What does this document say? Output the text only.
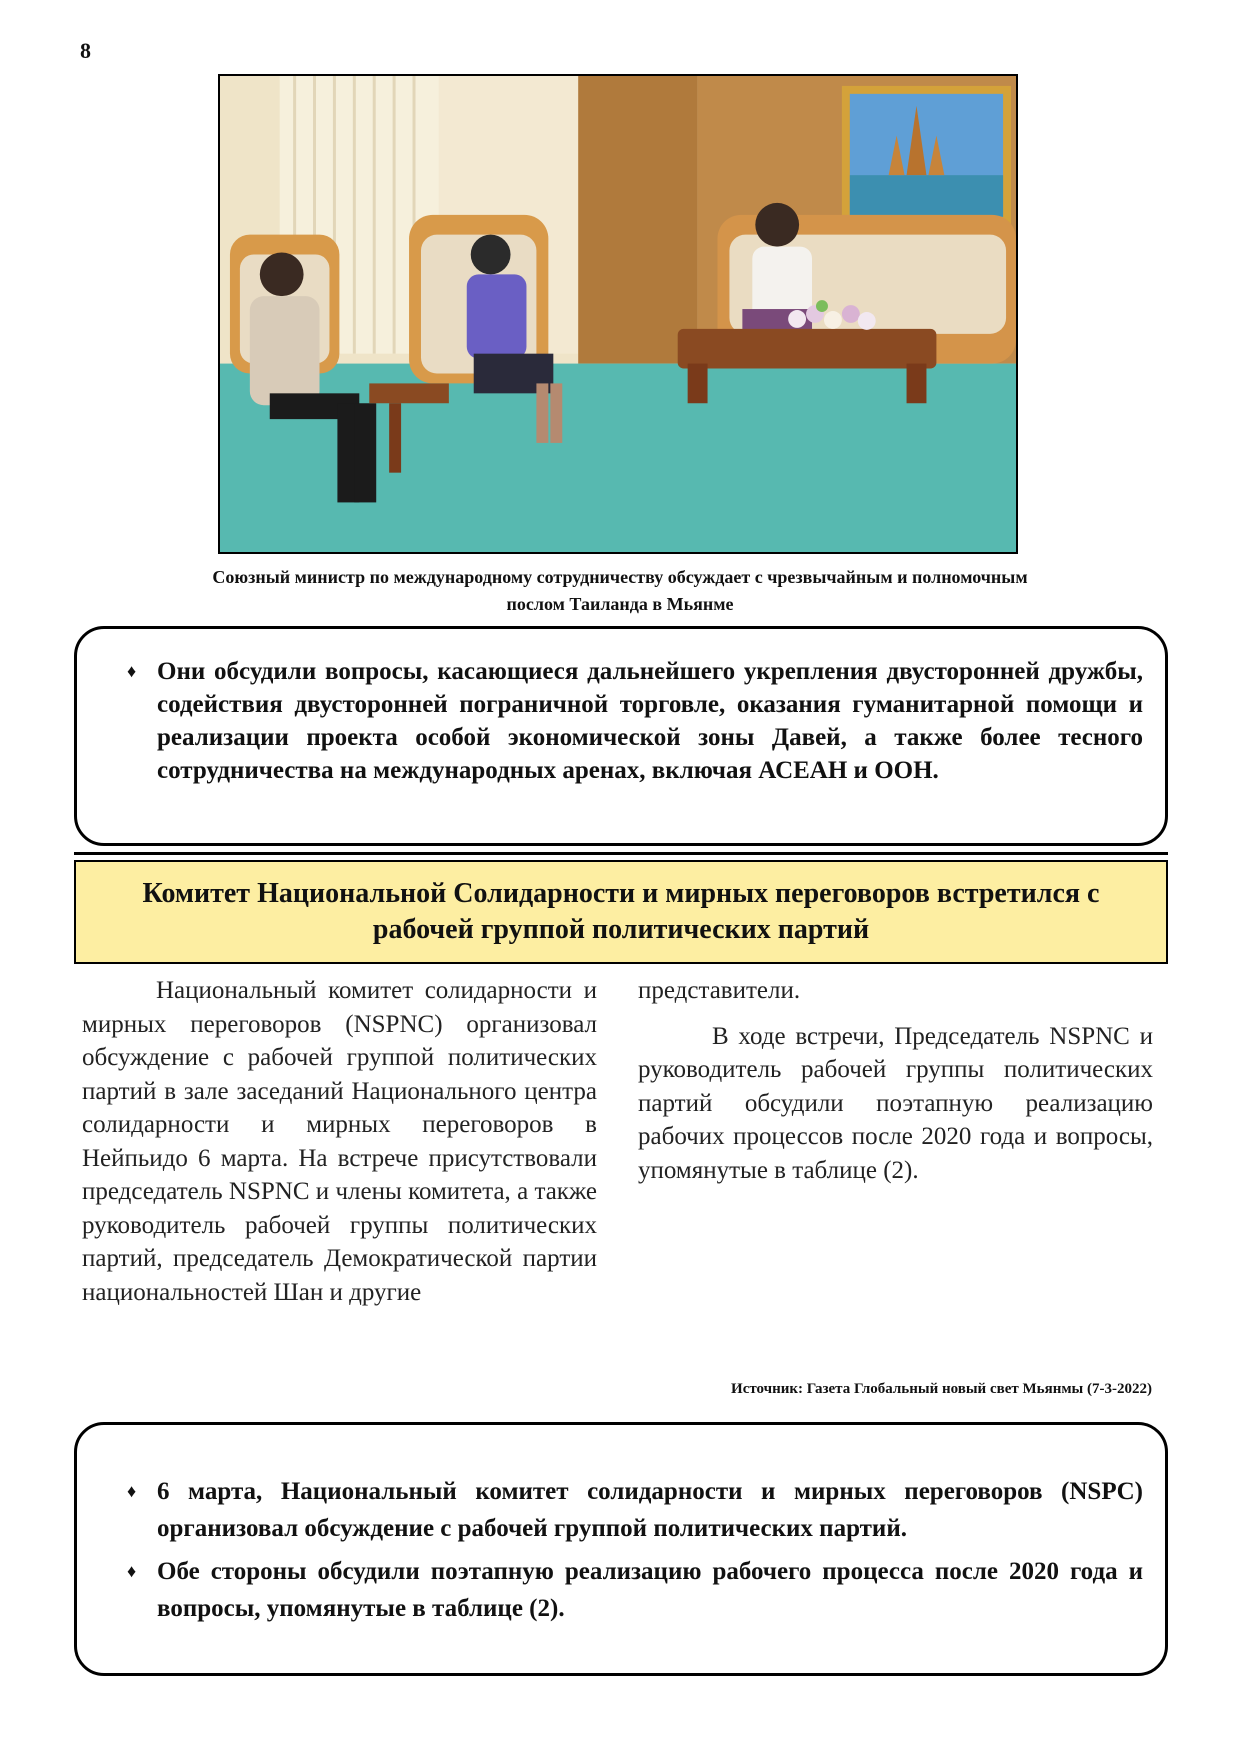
8
Союзный министр по международному сотрудничеству обсуждает с чрезвычайным и полномочным
послом Таиланда в Мьянме
♦ Они обсудили вопросы, касающиеся дальнейшего укрепления двусторонней дружбы, содействия двусторонней пограничной торговле, оказания гуманитарной помощи и реализации проекта особой экономической зоны Давей, а также более тесного сотрудничества на международных аренах, включая АСЕАН и ООН.
Комитет Национальной Солидарности и мирных переговоров встретился с рабочей группой политических партий

Национальный комитет солидарности и мирных переговоров (NSPNC) организовал обсуждение с рабочей группой политических партий в зале заседаний Национального центра солидарности и мирных переговоров в Нейпьидо 6 марта. На встрече присутствовали председатель NSPNC и члены комитета, а также руководитель рабочей группы политических партий, председатель Демократической партии национальностей Шан и другие

представители.

В ходе встречи, Председатель NSPNC и руководитель рабочей группы политических партий обсудили поэтапную реализацию рабочих процессов после 2020 года и вопросы, упомянутые в таблице (2).

Источник: Газета Глобальный новый свет Мьянмы (7-3-2022)
♦ 6 марта, Национальный комитет солидарности и мирных переговоров (NSPC) организовал обсуждение с рабочей группой политических партий.
♦ Обе стороны обсудили поэтапную реализацию рабочего процесса после 2020 года и вопросы, упомянутые в таблице (2).
